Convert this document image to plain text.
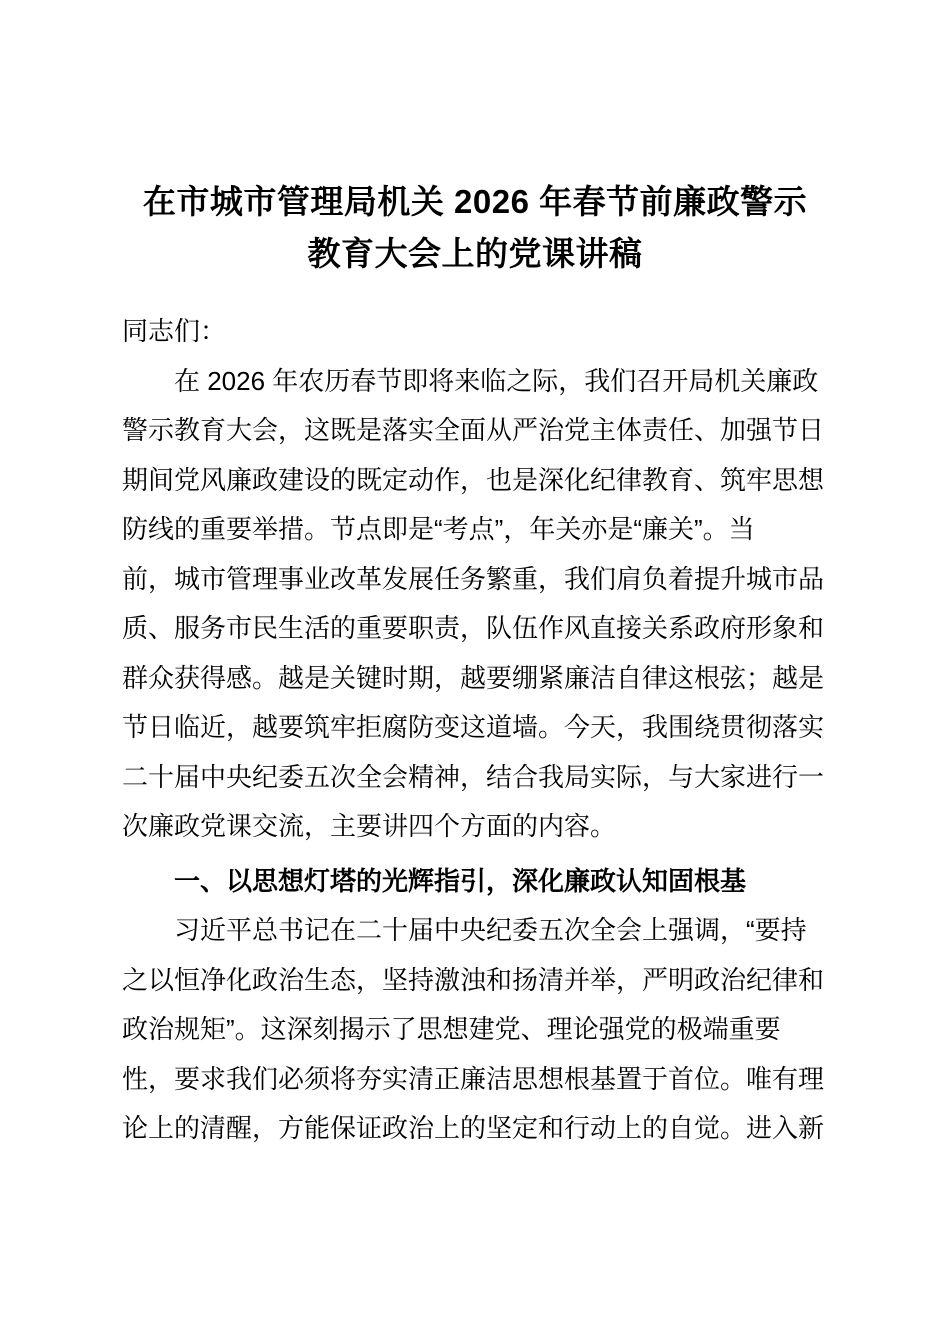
在市城市管理局机关 2026 年春节前廉政警示
教育大会上的党课讲稿
同志们：
在 2026 年农历春节即将来临之际，我们召开局机关廉政
警示教育大会，这既是落实全面从严治党主体责任、加强节日
期间党风廉政建设的既定动作，也是深化纪律教育、筑牢思想
防线的重要举措。节点即是“考点”，年关亦是“廉关”。当
前，城市管理事业改革发展任务繁重，我们肩负着提升城市品
质、服务市民生活的重要职责，队伍作风直接关系政府形象和
群众获得感。越是关键时期，越要绷紧廉洁自律这根弦；越是
节日临近，越要筑牢拒腐防变这道墙。今天，我围绕贯彻落实
二十届中央纪委五次全会精神，结合我局实际，与大家进行一
次廉政党课交流，主要讲四个方面的内容。
一、以思想灯塔的光辉指引，深化廉政认知固根基
习近平总书记在二十届中央纪委五次全会上强调，“要持
之以恒净化政治生态，坚持激浊和扬清并举，严明政治纪律和
政治规矩”。这深刻揭示了思想建党、理论强党的极端重要
性，要求我们必须将夯实清正廉洁思想根基置于首位。唯有理
论上的清醒，方能保证政治上的坚定和行动上的自觉。进入新
